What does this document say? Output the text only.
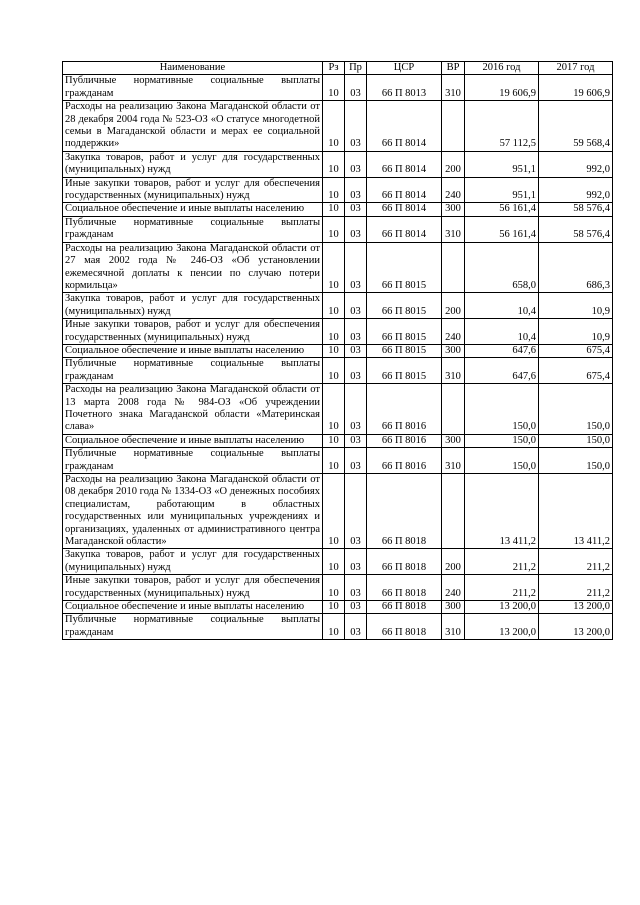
Наименование	Рз	Пр	ЦСР	ВР	2016 год	2017 год
Публичные нормативные социальные выплаты гражданам	10	03	66 П 8013	310	19 606,9	19 606,9
Расходы на реализацию Закона Магаданской области от 28 декабря 2004 года № 523-ОЗ «О статусе многодетной семьи в Магаданской области и мерах ее социальной поддержки»	10	03	66 П 8014		57 112,5	59 568,4
Закупка товаров, работ и услуг для государственных (муниципальных) нужд	10	03	66 П 8014	200	951,1	992,0
Иные закупки товаров, работ и услуг для обеспечения государственных (муниципальных) нужд	10	03	66 П 8014	240	951,1	992,0
Социальное обеспечение и иные выплаты населению	10	03	66 П 8014	300	56 161,4	58 576,4
Публичные нормативные социальные выплаты гражданам	10	03	66 П 8014	310	56 161,4	58 576,4
Расходы на реализацию Закона Магаданской области от 27 мая 2002 года № 246-ОЗ «Об установлении ежемесячной доплаты к пенсии по случаю потери кормильца»	10	03	66 П 8015		658,0	686,3
Закупка товаров, работ и услуг для государственных (муниципальных) нужд	10	03	66 П 8015	200	10,4	10,9
Иные закупки товаров, работ и услуг для обеспечения государственных (муниципальных) нужд	10	03	66 П 8015	240	10,4	10,9
Социальное обеспечение и иные выплаты населению	10	03	66 П 8015	300	647,6	675,4
Публичные нормативные социальные выплаты гражданам	10	03	66 П 8015	310	647,6	675,4
Расходы на реализацию Закона Магаданской области от 13 марта 2008 года № 984-ОЗ «Об учреждении Почетного знака Магаданской области «Материнская слава»	10	03	66 П 8016		150,0	150,0
Социальное обеспечение и иные выплаты населению	10	03	66 П 8016	300	150,0	150,0
Публичные нормативные социальные выплаты гражданам	10	03	66 П 8016	310	150,0	150,0
Расходы на реализацию Закона Магаданской области от 08 декабря 2010 года № 1334-ОЗ «О денежных пособиях специалистам, работающим в областных государственных или муниципальных учреждениях и организациях, удаленных от административного центра Магаданской области»	10	03	66 П 8018		13 411,2	13 411,2
Закупка товаров, работ и услуг для государственных (муниципальных) нужд	10	03	66 П 8018	200	211,2	211,2
Иные закупки товаров, работ и услуг для обеспечения государственных (муниципальных) нужд	10	03	66 П 8018	240	211,2	211,2
Социальное обеспечение и иные выплаты населению	10	03	66 П 8018	300	13 200,0	13 200,0
Публичные нормативные социальные выплаты гражданам	10	03	66 П 8018	310	13 200,0	13 200,0
